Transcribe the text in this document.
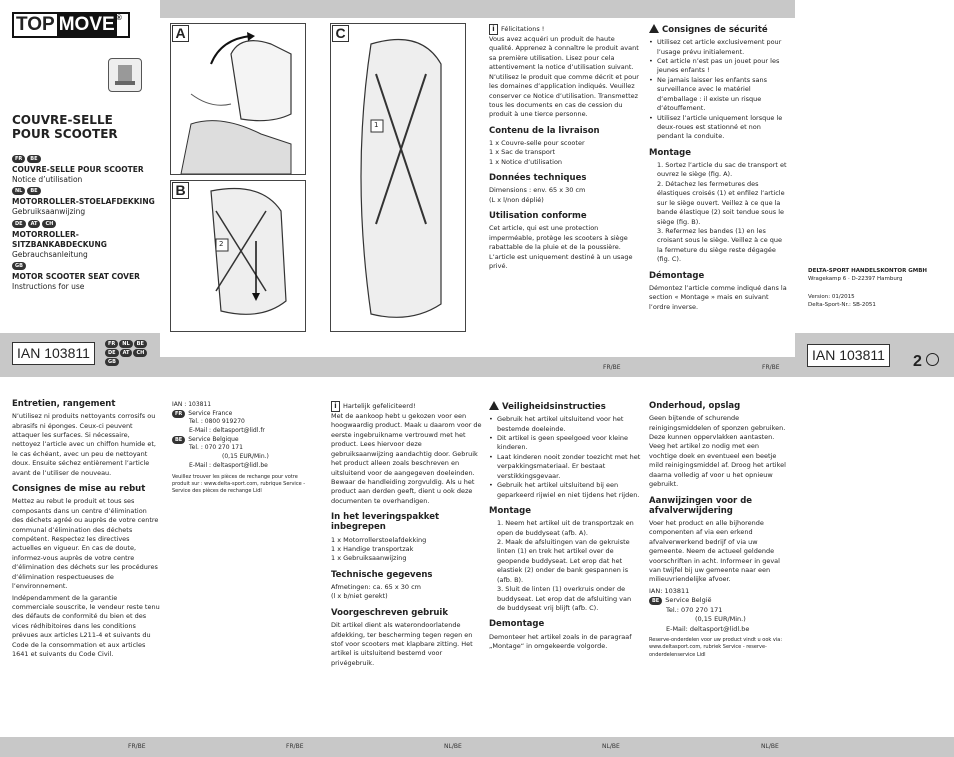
TOP MOVE ®
COUVRE-SELLE POUR SCOOTER
FR	BE
COUVRE-SELLE POUR SCOOTER
Notice d’utilisation
NL	BE
MOTORROLLER-STOELAFDEKKING
Gebruiksaanwijzing
DE	AT	CH
MOTORROLLER-SITZBANKABDECKUNG
Gebrauchsanleitung
GB
MOTOR SCOOTER SEAT COVER
Instructions for use
IAN 103811
FR	NL	BE
DE	AT	CH
GB
A
B
2
C
1
i Félicitations !
Vous avez acquéri un produit de haute qualité. Apprenez à connaître le produit avant sa première utilisation. Lisez pour cela attentivement la notice d’utilisation suivant. N’utilisez le produit que comme décrit et pour les domaines d’application indiqués. Veuillez conserver ce Notice d’utilisation. Transmettez tous les documents en cas de cession du produit à une tierce personne.
Contenu de la livraison
1 x Couvre-selle pour scooter
1 x Sac de transport
1 x Notice d’utilisation
Données techniques
Dimensions : env. 65 x 30 cm
(L x l/non déplié)
Utilisation conforme
Cet article, qui est une protection imperméable, protège les scooters à siège rabattable de la pluie et de la poussière. L’article est uniquement destiné à un usage privé.
Consignes de sécurité
• Utilisez cet article exclusivement pour l’usage prévu initialement.
• Cet article n’est pas un jouet pour les jeunes enfants !
• Ne jamais laisser les enfants sans surveillance avec le matériel d’emballage : il existe un risque d’étouffement.
• Utilisez l’article uniquement lorsque le deux-roues est stationné et non pendant la conduite.
Montage
1. Sortez l’article du sac de transport et ouvrez le siège (fig. A).
2. Détachez les fermetures des élastiques croisés (1) et enfilez l’article sur le siège ouvert. Veillez à ce que la bande élastique (2) soit tendue sous le siège (fig. B).
3. Refermez les bandes (1) en les croisant sous le siège. Veillez à ce que la fermeture du siège reste dégagée (fig. C).
Démontage
Démontez l’article comme indiqué dans la section « Montage » mais en suivant l’ordre inverse.
DELTA-SPORT HANDELSKONTOR GMBH
Wragekamp 6 · D-22397 Hamburg
Version: 01/2015
Delta-Sport-Nr.: SB-2051
FR/BE	FR/BE
IAN 103811	2
Entretien, rangement
N’utilisez ni produits nettoyants corrosifs ou abrasifs ni éponges. Ceux-ci peuvent attaquer les surfaces. Si nécessaire, nettoyez l’article avec un chiffon humide et, le cas échéant, avec un peu de nettoyant doux. Ensuite séchez entièrement l’article avant de l’utiliser de nouveau.
Consignes de mise au rebut
Mettez au rebut le produit et tous ses composants dans un centre d’élimination des déchets agréé ou auprès de votre centre communal d’élimination des déchets compétent. Respectez les directives actuelles en vigueur. En cas de doute, informez-vous auprès de votre centre d’élimination des déchets sur les procédures d’élimination respectueuses de l’environnement.
Indépendamment de la garantie commerciale souscrite, le vendeur reste tenu des défauts de conformité du bien et des vices rédhibitoires dans les conditions prévues aux articles L211-4 et suivants du Code de la consommation et aux articles 1641 et suivants du Code Civil.
IAN : 103811
FR	Service France
Tel. : 0800 919270
E-Mail : deltasport@lidl.fr
BE	Service Belgique
Tel. : 070 270 171
(0,15 EUR/Min.)
E-Mail : deltasport@lidl.be
Veuillez trouver les pièces de rechange pour votre produit sur : www.delta-sport.com, rubrique Service - Service des pièces de rechange Lidl
i Hartelijk gefeliciteerd!
Met de aankoop hebt u gekozen voor een hoogwaardig product. Maak u daarom voor de eerste ingebruikname vertrouwd met het product. Lees hiervoor deze gebruiksaanwijzing aandachtig door. Gebruik het product alleen zoals beschreven en uitsluitend voor de aangegeven doeleinden. Bewaar de handleiding zorgvuldig. Als u het product aan derden geeft, dient u ook deze documenten te overhandigen.
In het leveringspakket inbegrepen
1 x Motorrollerstoelafdekking
1 x Handige transportzak
1 x Gebruiksaanwijzing
Technische gegevens
Afmetingen: ca. 65 x 30 cm
(l x b/niet gerekt)
Voorgeschreven gebruik
Dit artikel dient als waterondoorlatende afdekking, ter bescherming tegen regen en stof voor scooters met klapbare zitting. Het artikel is uitsluitend bestemd voor privégebruik.
Veiligheidsinstructies
• Gebruik het artikel uitsluitend voor het bestemde doeleinde.
• Dit artikel is geen speelgoed voor kleine kinderen.
• Laat kinderen nooit zonder toezicht met het verpakkingsmateriaal. Er bestaat verstikkingsgevaar.
• Gebruik het artikel uitsluitend bij een geparkeerd rijwiel en niet tijdens het rijden.
Montage
1. Neem het artikel uit de transportzak en open de buddyseat (afb. A).
2. Maak de afsluitingen van de gekruiste linten (1) en trek het artikel over de geopende buddyseat. Let erop dat het elastiek (2) onder de bank gespannen is (afb. B).
3. Sluit de linten (1) overkruis onder de buddyseat. Let erop dat de afsluiting van de buddyseat vrij blijft (afb. C).
Demontage
Demonteer het artikel zoals in de paragraaf „Montage“ in omgekeerde volgorde.
Onderhoud, opslag
Geen bijtende of schurende reinigingsmiddelen of sponzen gebruiken. Deze kunnen oppervlakken aantasten. Veeg het artikel zo nodig met een vochtige doek en eventueel een beetje mild reinigingsmiddel af. Droog het artikel daarna volledig af voor u het opnieuw gebruikt.
Aanwijzingen voor de afvalverwijdering
Voer het product en alle bijhorende componenten af via een erkend afvalverwerkend bedrijf of via uw gemeente. Neem de actueel geldende voorschriften in acht. Informeer in geval van twijfel bij uw gemeente naar een milieuvriendelijke afvoer.
IAN: 103811
BE Service België
Tel.: 070 270 171
(0,15 EUR/Min.)
E-Mail: deltasport@lidl.be
Reserve-onderdelen voor uw product vindt u ook via: www.deltasport.com, rubriek Service - reserve-onderdelenservice Lidl
FR/BE	FR/BE	NL/BE	NL/BE	NL/BE
